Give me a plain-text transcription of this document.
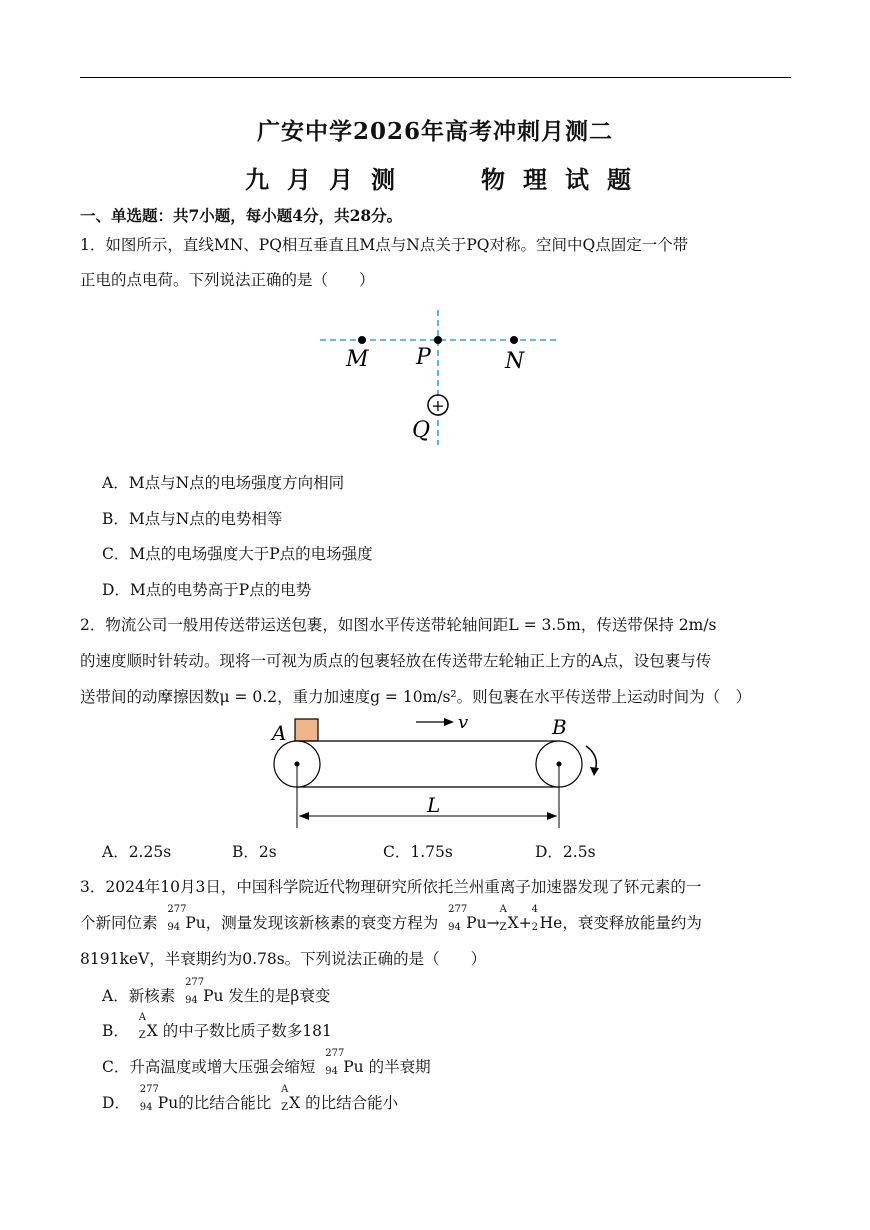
广安中学2026年高考冲刺月测二
九月月测	物理试题
一、单选题：共7小题，每小题4分，共28分。
1．如图所示，直线MN、PQ相互垂直且M点与N点关于PQ对称。空间中Q点固定一个带
正电的点电荷。下列说法正确的是（　　）
+
M P	N
Q
A．M点与N点的电场强度方向相同
B．M点与N点的电势相等
C．M点的电场强度大于P点的电场强度
D．M点的电势高于P点的电势
2．物流公司一般用传送带运送包裹，如图水平传送带轮轴间距L = 3.5m，传送带保持 2m/s
的速度顺时针转动。现将一可视为质点的包裹轻放在传送带左轮轴正上方的A点，设包裹与传
送带间的动摩擦因数μ = 0.2，重力加速度g = 10m/s²。则包裹在水平传送带上运动时间为（　）
A	B
v
L
A．2.25s	B．2s	C．1.75s	D．2.5s
3．2024年10月3日，中国科学院近代物理研究所依托兰州重离子加速器发现了钚元素的一
个新同位素
277
94 Pu，测量发现该新核素的衰变方程为
277
94 Pu→
A
Z X+
4
2 He，衰变释放能量约为
8191keV，半衰期约为0.78s。下列说法正确的是（　　）
A．新核素
277
94 Pu 发生的是β衰变
B．
A
Z X 的中子数比质子数多181
C．升高温度或增大压强会缩短
277
94 Pu 的半衰期
D．
277
94 Pu的比结合能比
A
Z X 的比结合能小
